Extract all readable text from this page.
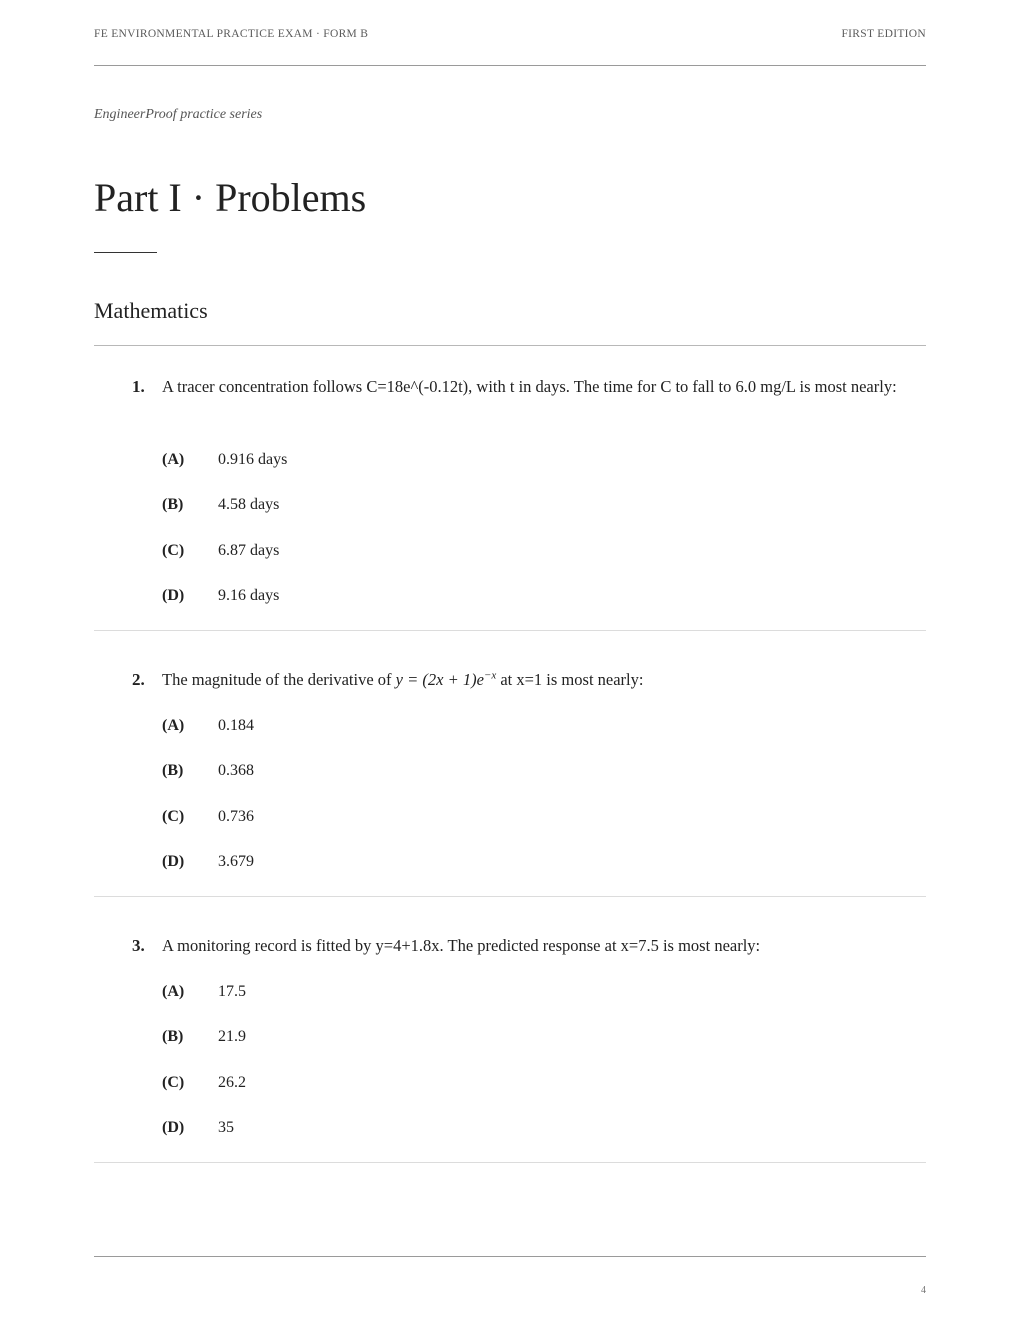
FE ENVIRONMENTAL PRACTICE EXAM · FORM B	FIRST EDITION
EngineerProof practice series
Part I · Problems
Mathematics
1. A tracer concentration follows C=18e^(-0.12t), with t in days. The time for C to fall to 6.0 mg/L is most nearly:
(A) 0.916 days
(B) 4.58 days
(C) 6.87 days
(D) 9.16 days
2. The magnitude of the derivative of $y = (2x + 1)e^{-x}$ at x=1 is most nearly:
(A) 0.184
(B) 0.368
(C) 0.736
(D) 3.679
3. A monitoring record is fitted by y=4+1.8x. The predicted response at x=7.5 is most nearly:
(A) 17.5
(B) 21.9
(C) 26.2
(D) 35
4
